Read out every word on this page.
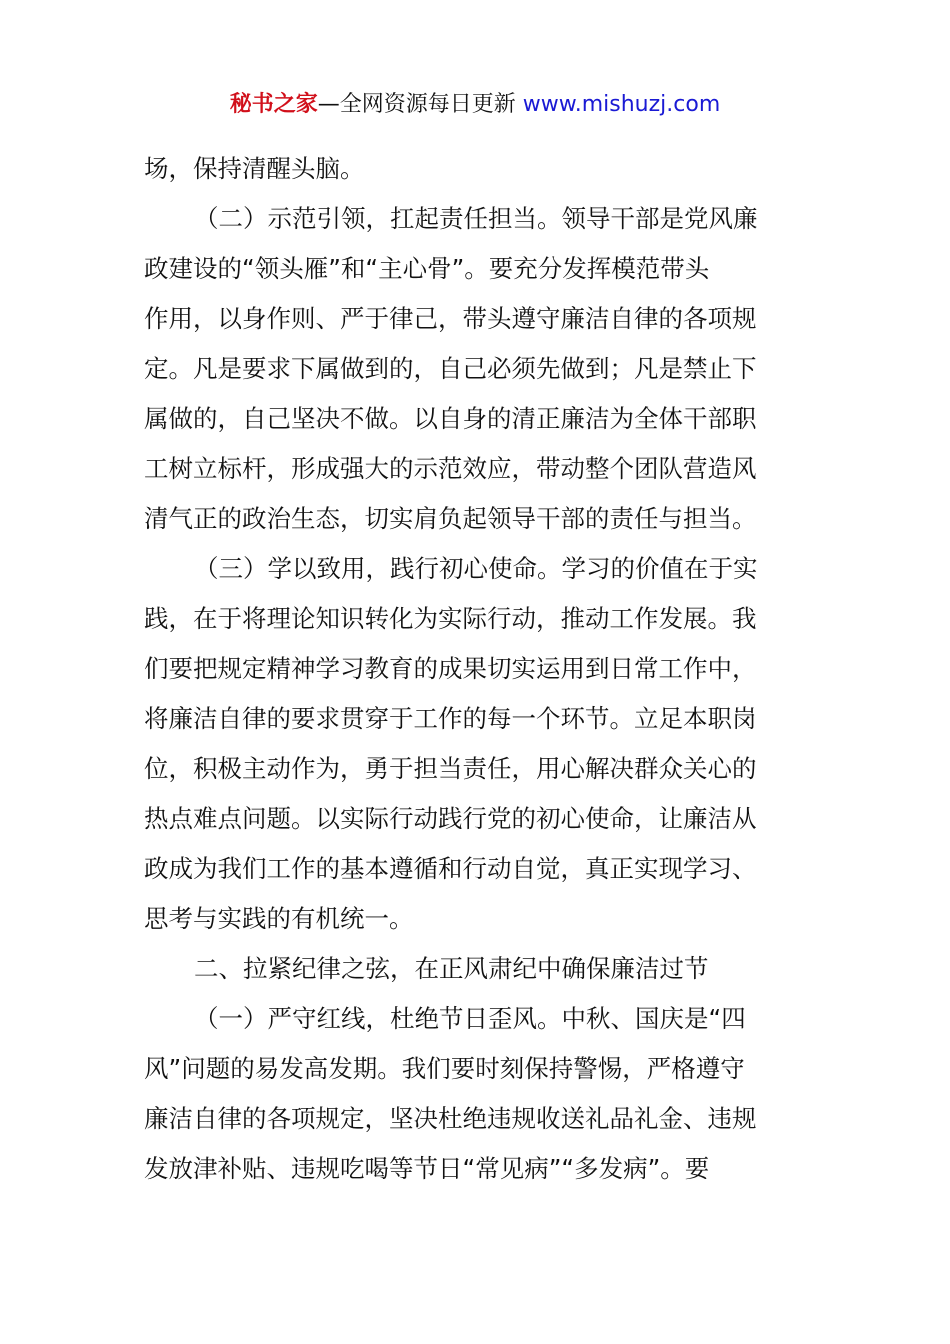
秘书之家—全网资源每日更新 www.mishuzj.com
场，保持清醒头脑。
（二）示范引领，扛起责任担当。领导干部是党风廉
政建设的“领头雁”和“主心骨”。要充分发挥模范带头
作用，以身作则、严于律己，带头遵守廉洁自律的各项规
定。凡是要求下属做到的，自己必须先做到；凡是禁止下
属做的，自己坚决不做。以自身的清正廉洁为全体干部职
工树立标杆，形成强大的示范效应，带动整个团队营造风
清气正的政治生态，切实肩负起领导干部的责任与担当。
（三）学以致用，践行初心使命。学习的价值在于实
践，在于将理论知识转化为实际行动，推动工作发展。我
们要把规定精神学习教育的成果切实运用到日常工作中，
将廉洁自律的要求贯穿于工作的每一个环节。立足本职岗
位，积极主动作为，勇于担当责任，用心解决群众关心的
热点难点问题。以实际行动践行党的初心使命，让廉洁从
政成为我们工作的基本遵循和行动自觉，真正实现学习、
思考与实践的有机统一。
二、拉紧纪律之弦，在正风肃纪中确保廉洁过节
（一）严守红线，杜绝节日歪风。中秋、国庆是“四
风”问题的易发高发期。我们要时刻保持警惕，严格遵守
廉洁自律的各项规定，坚决杜绝违规收送礼品礼金、违规
发放津补贴、违规吃喝等节日“常见病”“多发病”。要
